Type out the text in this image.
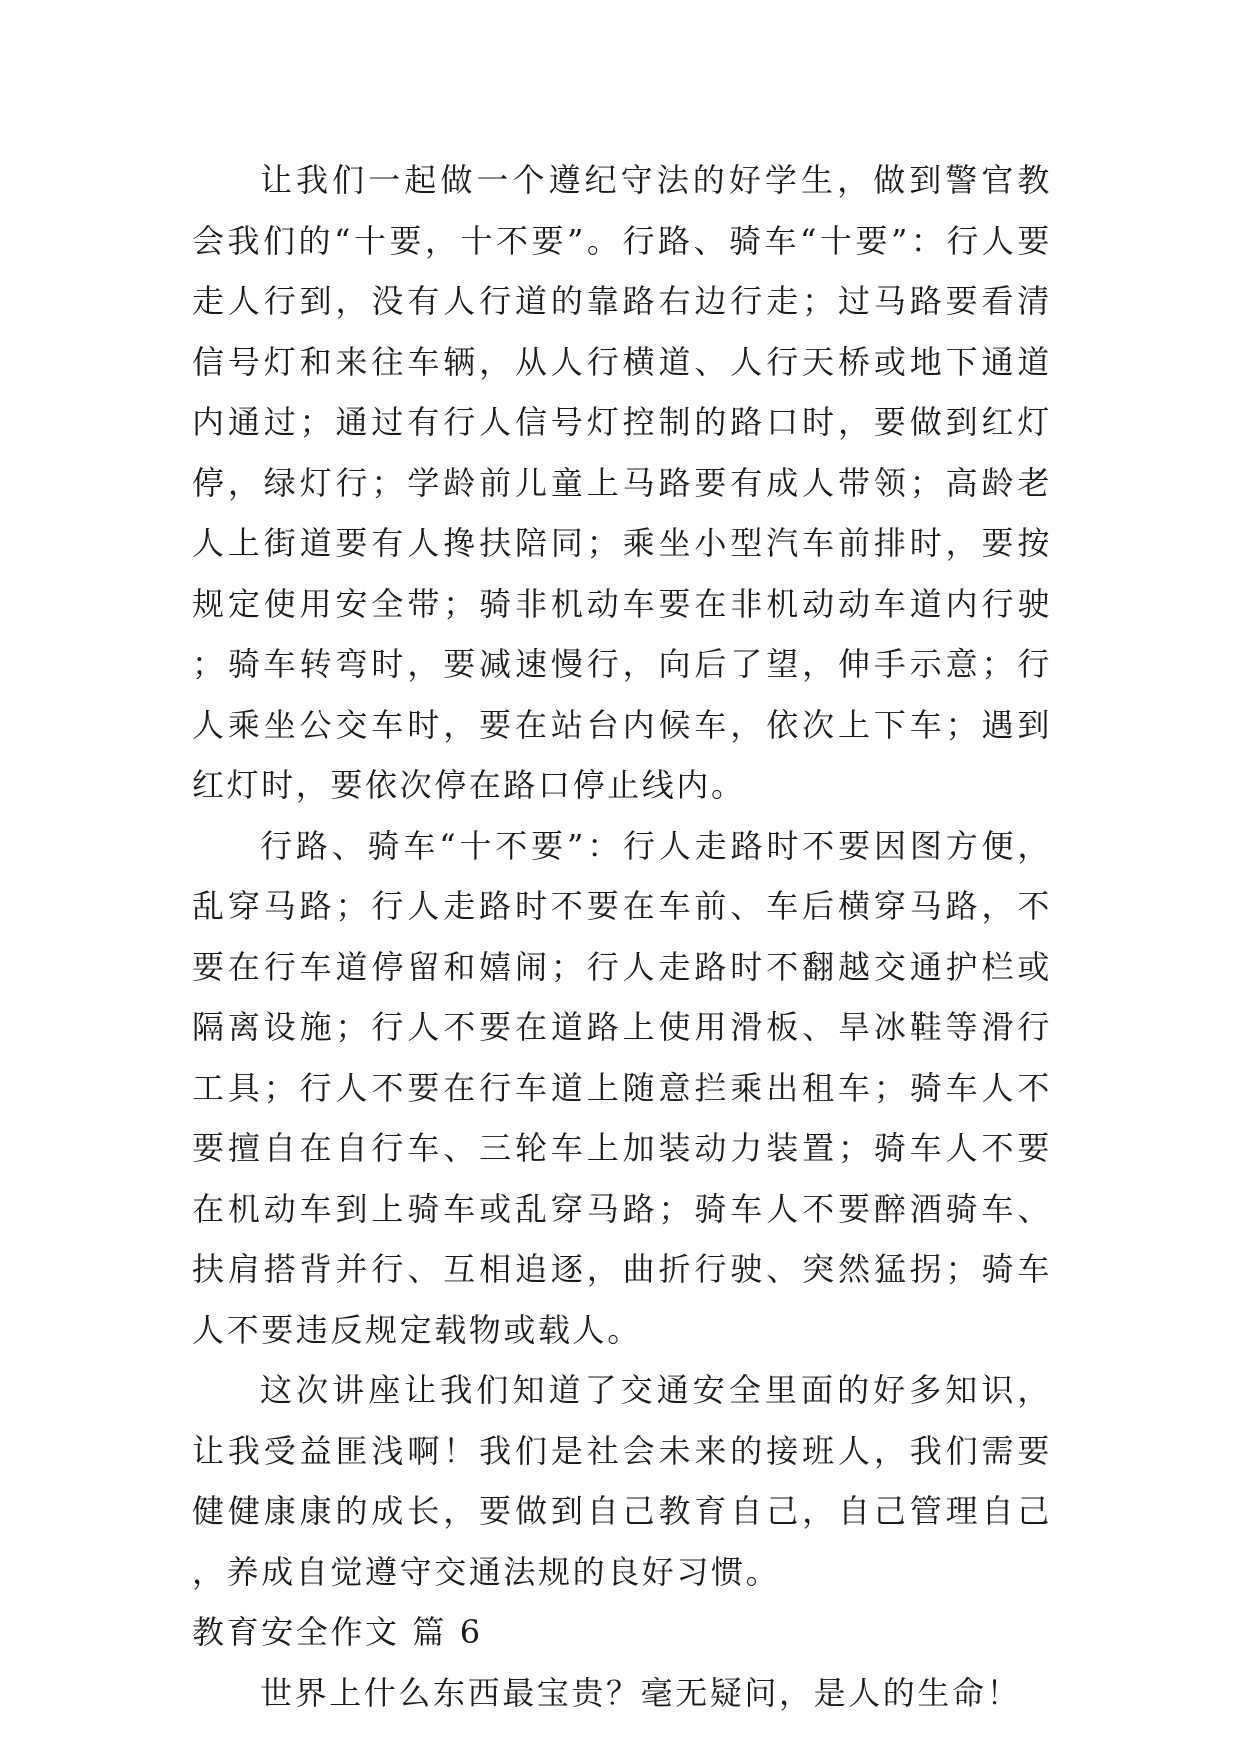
让我们一起做一个遵纪守法的好学生，做到警官教会我们的“十要，十不要”。行路、骑车“十要”：行人要走人行到，没有人行道的靠路右边行走；过马路要看清信号灯和来往车辆，从人行横道、人行天桥或地下通道内通过；通过有行人信号灯控制的路口时，要做到红灯停，绿灯行；学龄前儿童上马路要有成人带领；高龄老人上街道要有人搀扶陪同；乘坐小型汽车前排时，要按规定使用安全带；骑非机动车要在非机动动车道内行驶；骑车转弯时，要减速慢行，向后了望，伸手示意；行人乘坐公交车时，要在站台内候车，依次上下车；遇到红灯时，要依次停在路口停止线内。

行路、骑车“十不要”：行人走路时不要因图方便，乱穿马路；行人走路时不要在车前、车后横穿马路，不要在行车道停留和嬉闹；行人走路时不翻越交通护栏或隔离设施；行人不要在道路上使用滑板、旱冰鞋等滑行工具；行人不要在行车道上随意拦乘出租车；骑车人不要擅自在自行车、三轮车上加装动力装置；骑车人不要在机动车到上骑车或乱穿马路；骑车人不要醉酒骑车、扶肩搭背并行、互相追逐，曲折行驶、突然猛拐；骑车人不要违反规定载物或载人。

这次讲座让我们知道了交通安全里面的好多知识，让我受益匪浅啊！我们是社会未来的接班人，我们需要健健康康的成长，要做到自己教育自己，自己管理自己，养成自觉遵守交通法规的良好习惯。

教育安全作文 篇 6

世界上什么东西最宝贵？毫无疑问，是人的生命！
